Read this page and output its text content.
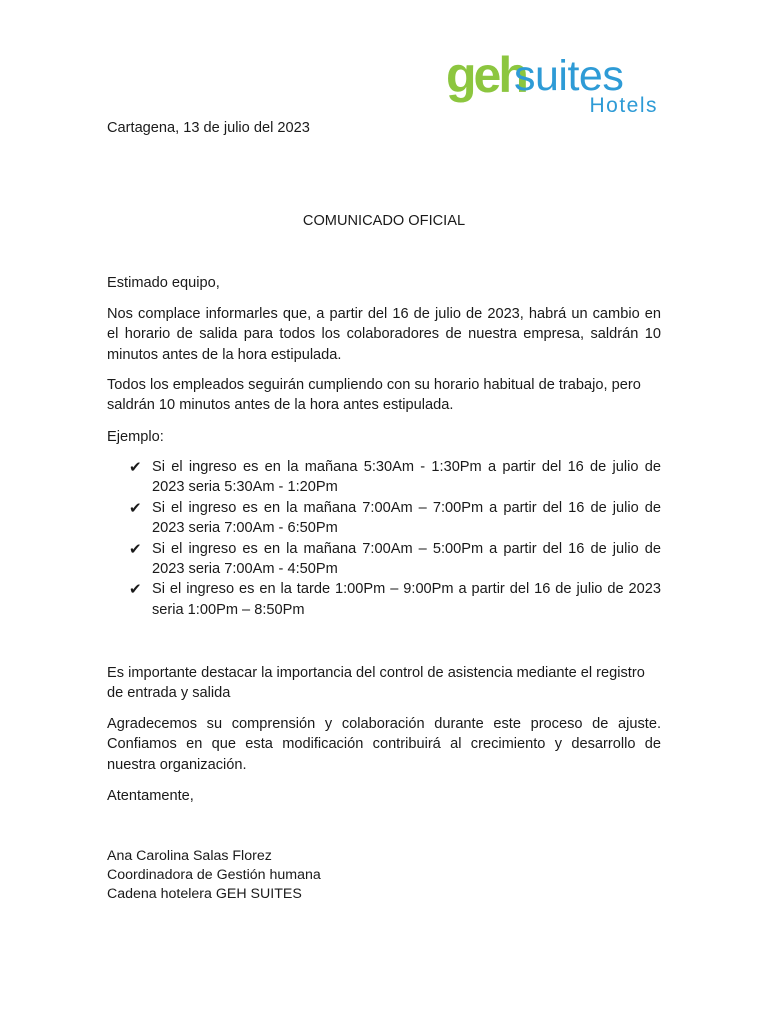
geh
suites
Hotels
Cartagena, 13 de julio del 2023
COMUNICADO OFICIAL
Estimado equipo,
Nos complace informarles que, a partir del 16 de julio de 2023, habrá un cambio en el horario de salida para todos los colaboradores de nuestra empresa, saldrán 10 minutos antes de la hora estipulada.
Todos los empleados seguirán cumpliendo con su horario habitual de trabajo, pero saldrán 10 minutos antes de la hora antes estipulada.
Ejemplo:
✔ Si el ingreso es en la mañana 5:30Am - 1:30Pm a partir del 16 de julio de 2023 seria 5:30Am - 1:20Pm
✔ Si el ingreso es en la mañana 7:00Am – 7:00Pm a partir del 16 de julio de 2023 seria 7:00Am - 6:50Pm
✔ Si el ingreso es en la mañana 7:00Am – 5:00Pm a partir del 16 de julio de 2023 seria 7:00Am - 4:50Pm
✔ Si el ingreso es en la tarde 1:00Pm – 9:00Pm a partir del 16 de julio de 2023 seria 1:00Pm – 8:50Pm
Es importante destacar la importancia del control de asistencia mediante el registro de entrada y salida
Agradecemos su comprensión y colaboración durante este proceso de ajuste. Confiamos en que esta modificación contribuirá al crecimiento y desarrollo de nuestra organización.
Atentamente,
Ana Carolina Salas Florez
Coordinadora de Gestión humana
Cadena hotelera GEH SUITES
